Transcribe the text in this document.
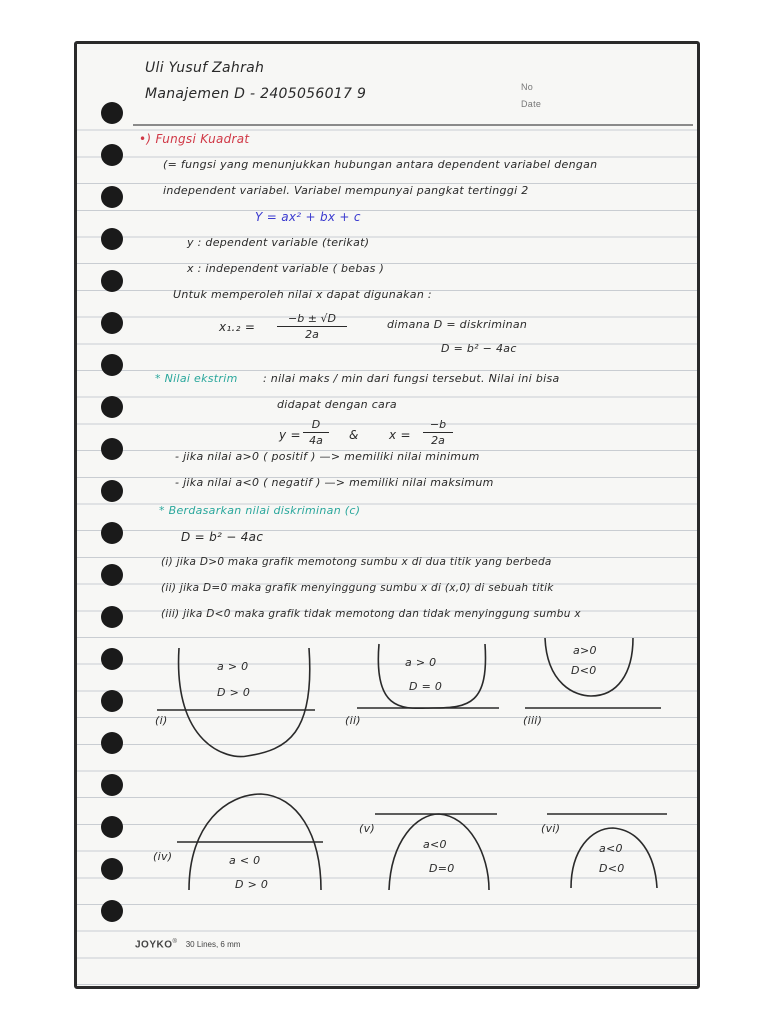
Uli Yusuf Zahrah
Manajemen D - 2405056017 9	No
Date
•) Fungsi Kuadrat
(= fungsi yang menunjukkan hubungan antara dependent variabel dengan
independent variabel. Variabel mempunyai pangkat tertinggi 2
Y = ax² + bx + c
y : dependent variable (terikat)
x : independent variable ( bebas )
Untuk memperoleh nilai x dapat digunakan :
x₁.₂ =
−b ± √D
2a
dimana D = diskriminan
D = b² − 4ac
* Nilai ekstrim : nilai maks / min dari fungsi tersebut. Nilai ini bisa
didapat dengan cara
y =
D
4a	&	x =
−b
2a
- jika nilai a>0 ( positif ) —> memiliki nilai minimum
- jika nilai a<0 ( negatif ) —> memiliki nilai maksimum
* Berdasarkan nilai diskriminan (c)
D = b² − 4ac
(i) jika D>0 maka grafik memotong sumbu x di dua titik yang berbeda
(ii) jika D=0 maka grafik menyinggung sumbu x di (x,0) di sebuah titik
(iii) jika D<0 maka grafik tidak memotong dan tidak menyinggung sumbu x
(i)
a > 0
D > 0
(ii)
a > 0
D = 0
(iii)
a>0
D<0
(iv)	a < 0
D > 0
(v)
a<0
D=0
(vi)
a<0
D<0
JOYKO® 30 Lines, 6 mm
